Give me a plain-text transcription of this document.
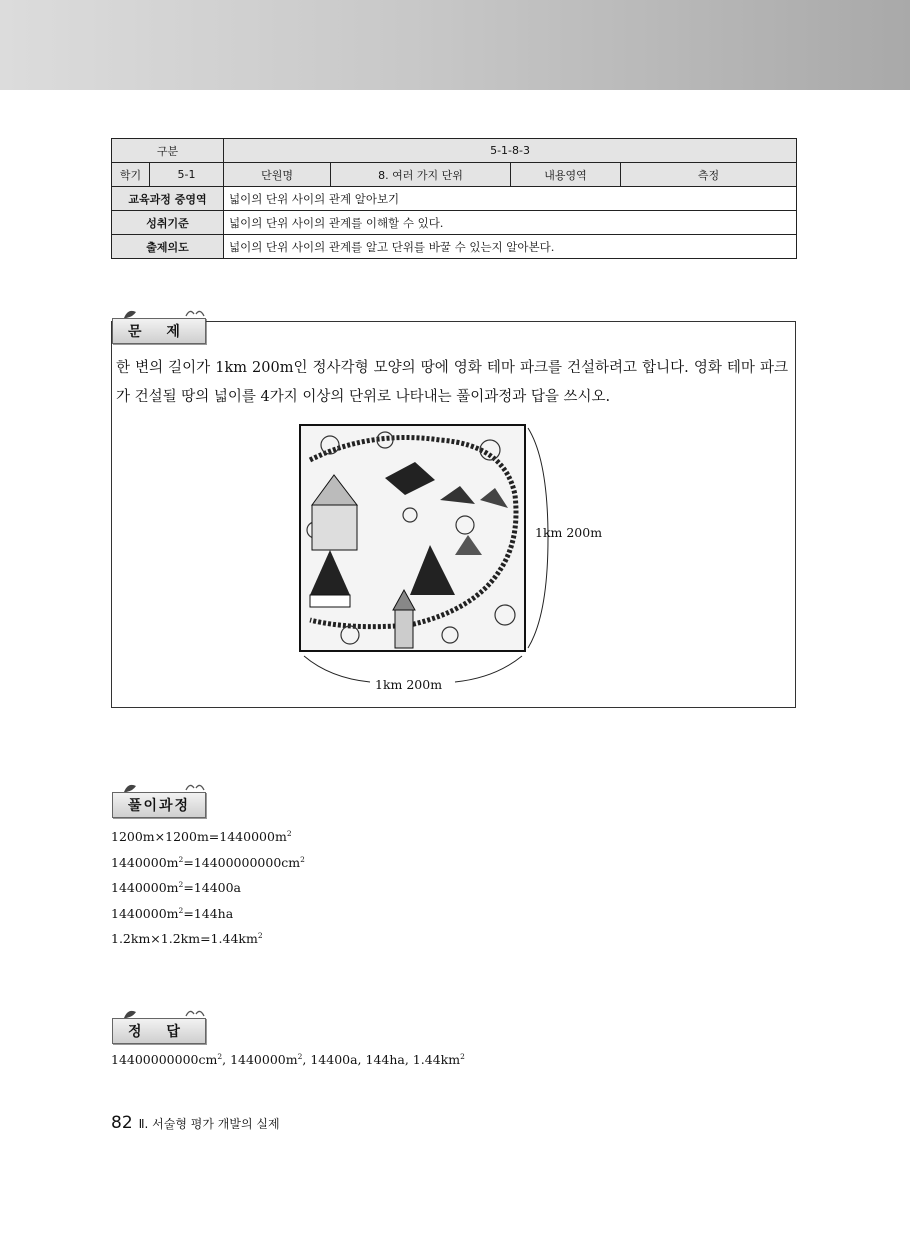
구분		5-1-8-3			
학기	5-1	단원명	8. 여러 가지 단위	내용영역	측정
교육과정 중영역		넓이의 단위 사이의 관계 알아보기			
성취기준		넓이의 단위 사이의 관계를 이해할 수 있다.			
출제의도		넓이의 단위 사이의 관계를 알고 단위를 바꿀 수 있는지 알아본다.			
문 제
한 변의 길이가 1km 200m인 정사각형 모양의 땅에 영화 테마 파크를 건설하려고 합니다. 영화 테마 파크가 건설될 땅의 넓이를 4가지 이상의 단위로 나타내는 풀이과정과 답을 쓰시오.
1km 200m
1km 200m
풀이과정
$1200m\times 1200m=1440000m^2$
$1440000m^2=14400000000cm^2$
$1440000m^2=14400a$
$1440000m^2=144ha$
$1.2km\times 1.2km=1.44km^2$
정 답
$14400000000cm^2$, $1440000m^2$, 14400a, 144ha, $1.44km^2$
82 Ⅱ. 서술형 평가 개발의 실제
